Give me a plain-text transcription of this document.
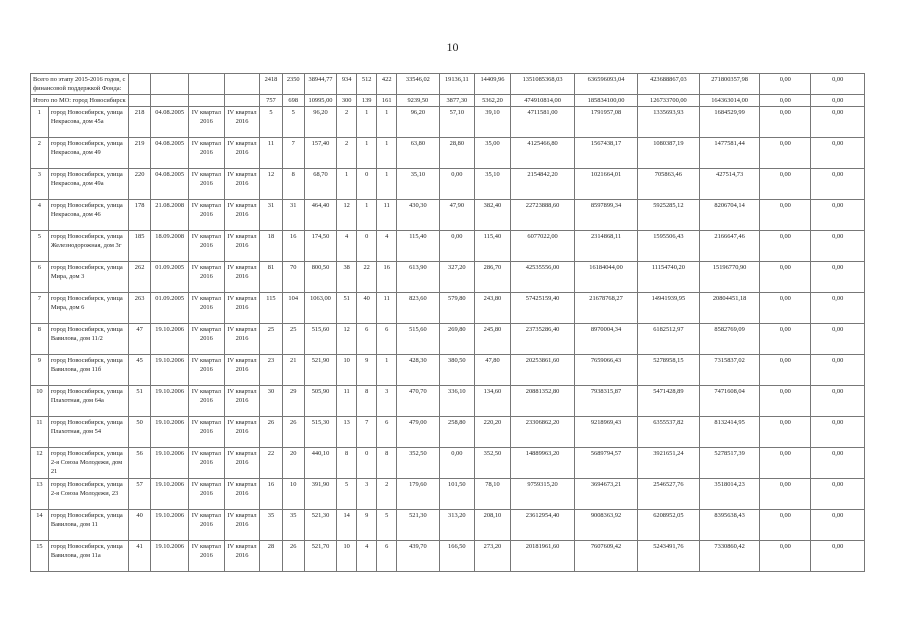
10
Всего по этапу 2015-2016 годов, с финансовой поддержкой Фонда:						2418	2350	38944,77	934	512	422	33546,02	19136,11	14409,96	1351085368,03	636596093,04	423688867,03	271800357,98	0,00	0,00
Итого по МО: город Новосибирск						757	698	10995,00	300	139	161	9239,50	3877,30	5362,20	474910814,00	185834100,00	126733700,00	164363014,00	0,00	0,00
1	город Новосибирск, улица Некрасова, дом 45а	218	04.08.2005	IV квартал 2016	IV квартал 2016	5	5	96,20	2	1	1	96,20	57,10	39,10	4711581,00	1791957,08	1335693,93	1684529,99	0,00	0,00
2	город Новосибирск, улица Некрасова, дом 49	219	04.08.2005	IV квартал 2016	IV квартал 2016	11	7	157,40	2	1	1	63,80	28,80	35,00	4125466,80	1567438,17	1080387,19	1477581,44	0,00	0,00
3	город Новосибирск, улица Некрасова, дом 49а	220	04.08.2005	IV квартал 2016	IV квартал 2016	12	8	68,70	1	0	1	35,10	0,00	35,10	2154842,20	1021664,01	705863,46	427514,73	0,00	0,00
4	город Новосибирск, улица Некрасова, дом 46	178	21.08.2008	IV квартал 2016	IV квартал 2016	31	31	464,40	12	1	11	430,30	47,90	382,40	22723888,60	8597899,34	5925285,12	8206704,14	0,00	0,00
5	город Новосибирск, улица Железнодорожная, дом 3г	185	18.09.2008	IV квартал 2016	IV квартал 2016	18	16	174,50	4	0	4	115,40	0,00	115,40	6077022,00	2314868,11	1595506,43	2166647,46	0,00	0,00
6	город Новосибирск, улица Мира, дом 3	262	01.09.2005	IV квартал 2016	IV квартал 2016	81	70	800,50	38	22	16	613,90	327,20	286,70	42535556,00	16184044,00	11154740,20	15196770,90	0,00	0,00
7	город Новосибирск, улица Мира, дом 6	263	01.09.2005	IV квартал 2016	IV квартал 2016	115	104	1063,00	51	40	11	823,60	579,80	243,80	57425159,40	21678768,27	14941939,95	20804451,18	0,00	0,00
8	город Новосибирск, улица Вавилова, дом 11/2	47	19.10.2006	IV квартал 2016	IV квартал 2016	25	25	515,60	12	6	6	515,60	269,80	245,80	23735286,40	8970004,34	6182512,97	8582769,09	0,00	0,00
9	город Новосибирск, улица Вавилова, дом 11б	45	19.10.2006	IV квартал 2016	IV квартал 2016	23	21	521,90	10	9	1	428,30	380,50	47,80	20253861,60	7659066,43	5278958,15	7315837,02	0,00	0,00
10	город Новосибирск, улица Плахотная, дом 64а	51	19.10.2006	IV квартал 2016	IV квартал 2016	30	29	505,90	11	8	3	470,70	336,10	134,60	20881352,80	7938315,87	5471428,89	7471608,04	0,00	0,00
11	город Новосибирск, улица Плахотная, дом 54	50	19.10.2006	IV квартал 2016	IV квартал 2016	26	26	515,30	13	7	6	479,00	258,80	220,20	23306862,20	9218969,43	6355537,82	8132414,95	0,00	0,00
12	город Новосибирск, улица 2-я Союза Молодежи, дом 21	56	19.10.2006	IV квартал 2016	IV квартал 2016	22	20	440,10	8	0	8	352,50	0,00	352,50	14889963,20	5689794,57	3921651,24	5278517,39	0,00	0,00
13	город Новосибирск, улица 2-я Союза Молодежи, 23	57	19.10.2006	IV квартал 2016	IV квартал 2016	16	10	391,90	5	3	2	179,60	101,50	78,10	9759315,20	3694673,21	2546527,76	3518014,23	0,00	0,00
14	город Новосибирск, улица Вавилова, дом 11	40	19.10.2006	IV квартал 2016	IV квартал 2016	35	35	521,30	14	9	5	521,30	313,20	208,10	23612954,40	9008363,92	6208952,05	8395638,43	0,00	0,00
15	город Новосибирск, улица Вавилова, дом 11а	41	19.10.2006	IV квартал 2016	IV квартал 2016	28	26	521,70	10	4	6	439,70	166,50	273,20	20181961,60	7607609,42	5243491,76	7330860,42	0,00	0,00
